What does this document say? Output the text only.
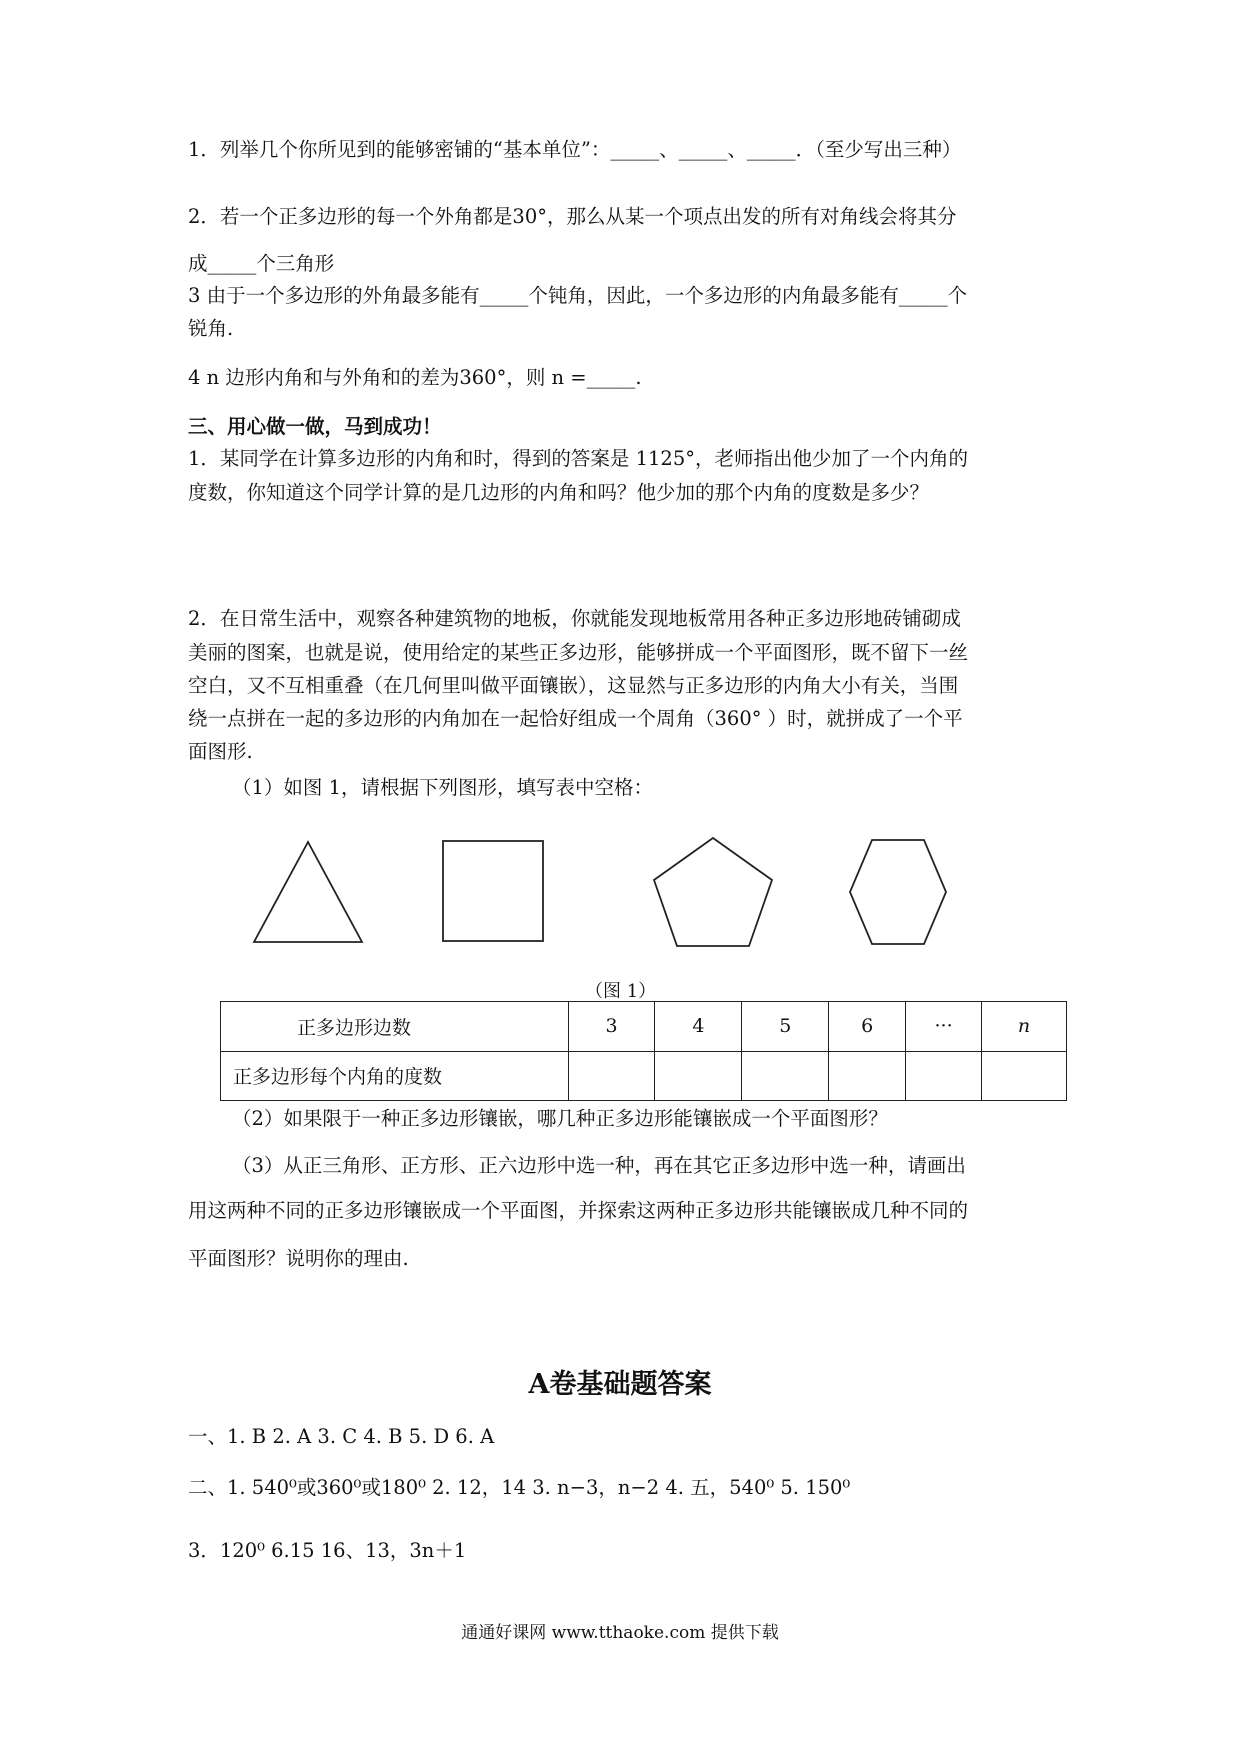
1．列举几个你所见到的能够密铺的“基本单位”：_____、_____、_____．（至少写出三种）
2．若一个正多边形的每一个外角都是30°，那么从某一个项点出发的所有对角线会将其分
成_____个三角形
3 由于一个多边形的外角最多能有_____个钝角，因此，一个多边形的内角最多能有_____个
锐角.
4 n 边形内角和与外角和的差为360°，则 n =_____.
三、用心做一做，马到成功！
1．某同学在计算多边形的内角和时，得到的答案是 1125°，老师指出他少加了一个内角的
度数，你知道这个同学计算的是几边形的内角和吗？他少加的那个内角的度数是多少？
2．在日常生活中，观察各种建筑物的地板，你就能发现地板常用各种正多边形地砖铺砌成
美丽的图案，也就是说，使用给定的某些正多边形，能够拼成一个平面图形，既不留下一丝
空白，又不互相重叠（在几何里叫做平面镶嵌），这显然与正多边形的内角大小有关，当围
绕一点拼在一起的多边形的内角加在一起恰好组成一个周角（360° ）时，就拼成了一个平
面图形.
（1）如图 1，请根据下列图形，填写表中空格：
（图 1）
正多边形边数	3	4	5	6	···	n
正多边形每个内角的度数						
（2）如果限于一种正多边形镶嵌，哪几种正多边形能镶嵌成一个平面图形？
（3）从正三角形、正方形、正六边形中选一种，再在其它正多边形中选一种，请画出
用这两种不同的正多边形镶嵌成一个平面图，并探索这两种正多边形共能镶嵌成几种不同的
平面图形？说明你的理由.
A卷基础题答案
一、1. B 2. A 3. C 4. B 5. D 6. A
二、1. 540⁰或360⁰或180⁰ 2. 12，14 3. n−3，n−2 4. 五，540⁰ 5. 150⁰
3．120⁰ 6.15 16、13，3n＋1
通通好课网 www.tthaoke.com 提供下载
